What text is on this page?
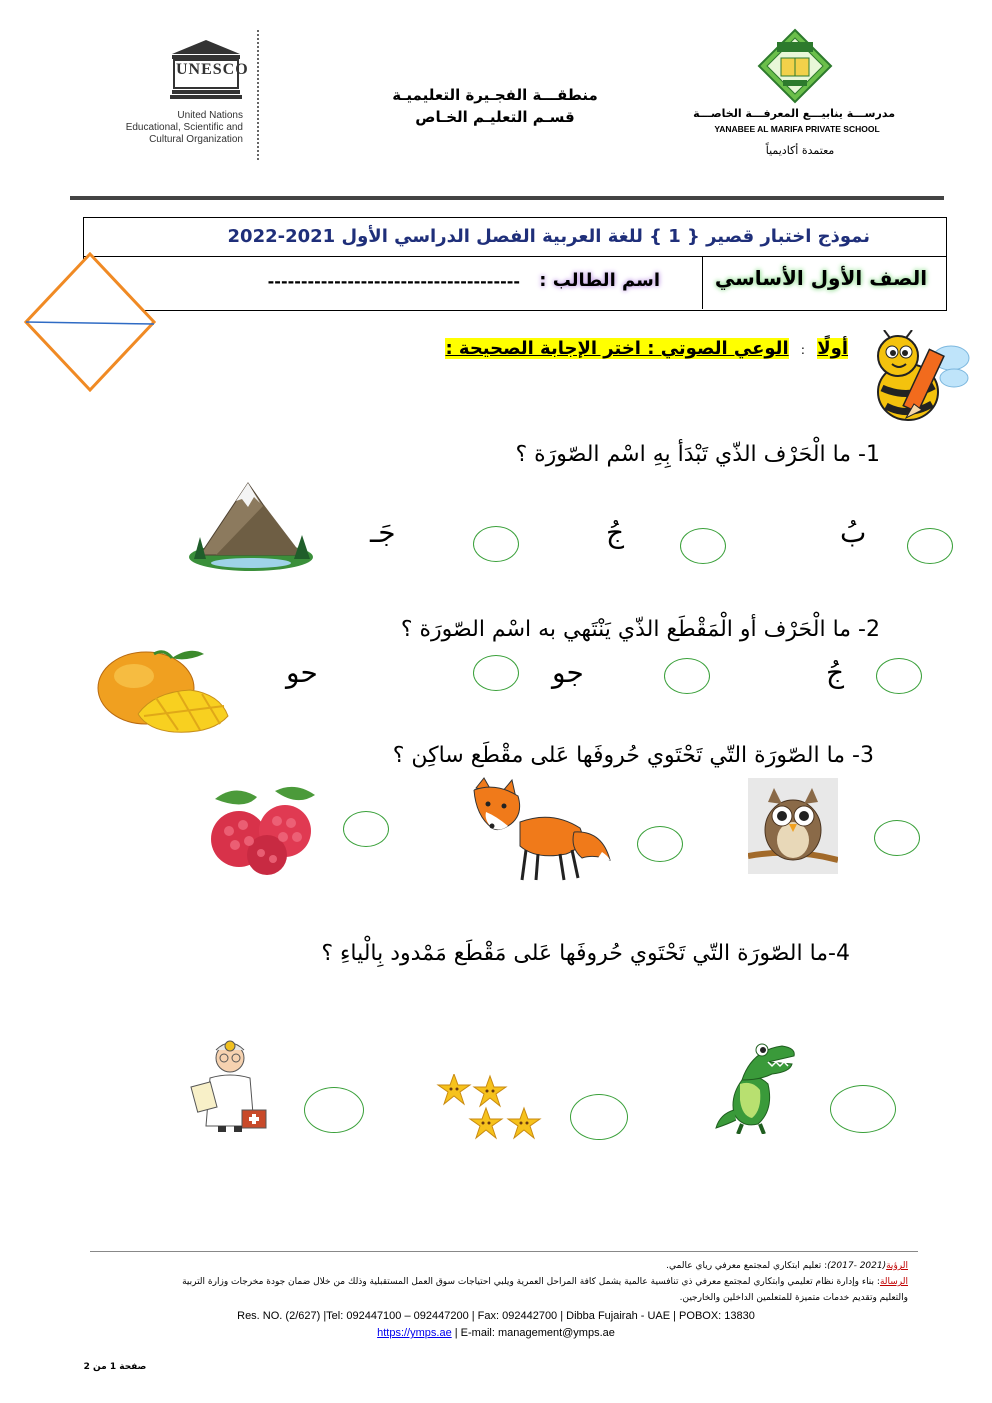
UNESCO
United Nations
Educational, Scientific and
Cultural Organization
منطقـــة الفجـيرة التعليميـة
قسـم التعليـم الخـاص	مدرســـة ينابيـــع المعرفـــة الخاصـــة
YANABEE AL MARIFA PRIVATE SCHOOL
معتمدة أكاديمياً
نموذج اختبار قصير { 1 } للغة العربية الفصل الدراسي الأول 2021-2022
الصف الأول الأساسي
اسم الطالب :
--------------------------------------
أولًا : الوعي الصوتي : اختر الإجابة الصحيحة :
1- ما الْحَرْف الذّي تَبْدَأ بِهِ اسْم الصّورَة ؟
بُ
جُ
جَـ
2- ما الْحَرْف أو الْمَقْطَع الذّي يَنْتَهي به اسْم الصّورَة ؟
جُ
جو
حو
3- ما الصّورَة التّي تَحْتَوي حُروفَها عَلى مقْطَع ساكِن ؟
4-ما الصّورَة التّي تَحْتَوي حُروفَها عَلى مَقْطَع مَمْدود بِالْياءِ ؟
الرؤية(2021 -2017): تعليم ابتكاري لمجتمع معرفي رياي عالمي.
الرسالة: بناء وإدارة نظام تعليمي وابتكاري لمجتمع معرفي ذي تنافسية عالمية يشمل كافة المراحل العمرية ويلبي احتياجات سوق العمل المستقبلية وذلك من خلال ضمان جودة مخرجات وزارة التربية
والتعليم وتقديم خدمات متميزة للمتعلمين الداخلين والخارجين.
Res. NO. (2/627) |Tel: 092447100 – 092447200 | Fax: 092442700 | Dibba Fujairah - UAE | POBOX: 13830
https://ymps.ae | E-mail: management@ymps.ae
صفحة 1 من 2
